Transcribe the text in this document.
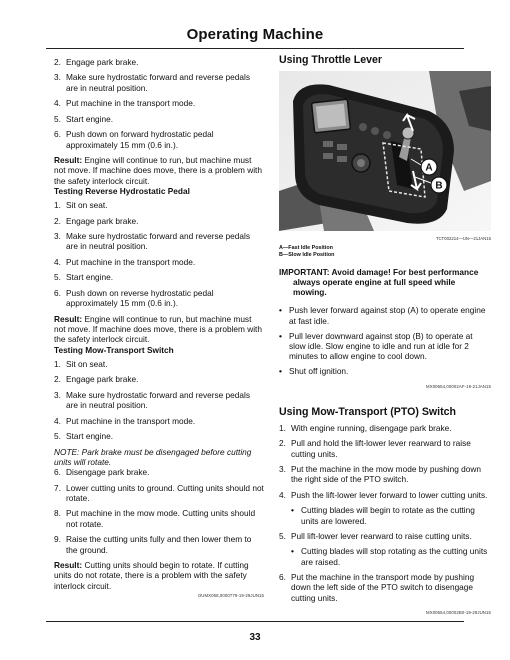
Operating Machine
2. Engage park brake.
3. Make sure hydrostatic forward and reverse pedals are in neutral position.
4. Put machine in the transport mode.
5. Start engine.
6. Push down on forward hydrostatic pedal approximately 15 mm (0.6 in.).

Result: Engine will continue to run, but machine must not move. If machine does move, there is a problem with the safety interlock circuit.

Testing Reverse Hydrostatic Pedal
1. Sit on seat.
2. Engage park brake.
3. Make sure hydrostatic forward and reverse pedals are in neutral position.
4. Put machine in the transport mode.
5. Start engine.
6. Push down on reverse hydrostatic pedal approximately 15 mm (0.6 in.).

Result: Engine will continue to run, but machine must not move. If machine does move, there is a problem with the safety interlock circuit.

Testing Mow-Transport Switch
1. Sit on seat.
2. Engage park brake.
3. Make sure hydrostatic forward and reverse pedals are in neutral position.
4. Put machine in the transport mode.
5. Start engine.

NOTE: Park brake must be disengaged before cutting units will rotate.

6. Disengage park brake.
7. Lower cutting units to ground. Cutting units should not rotate.
8. Put machine in the mow mode. Cutting units should not rotate.
9. Raise the cutting units fully and then lower them to the ground.

Result: Cutting units should begin to rotate. If cutting units do not rotate, there is a problem with the safety interlock circuit.

OUMX068,0000779-19-29JUN15
Using Throttle Lever
A
B
TCT002214—UN—21JAN15
A—Fast Idle Position
B—Slow Idle Position
IMPORTANT: Avoid damage! For best performance
always operate engine at full speed while mowing.
• Push lever forward against stop (A) to operate engine at fast idle.
• Pull lever downward against stop (B) to operate at slow idle. Slow engine to idle and run at idle for 2 minutes to allow engine to cool down.
• Shut off ignition.
MX00654,00002AF-19-21JAN15
Using Mow-Transport (PTO) Switch
1. With engine running, disengage park brake.
2. Pull and hold the lift-lower lever rearward to raise cutting units.
3. Put the machine in the mow mode by pushing down the right side of the PTO switch.
4. Push the lift-lower lever forward to lower cutting units.
• Cutting blades will begin to rotate as the cutting units are lowered.
5. Pull lift-lower lever rearward to raise cutting units.
• Cutting blades will stop rotating as the cutting units are raised.
6. Put the machine in the transport mode by pushing down the left side of the PTO switch to disengage cutting units.
MX00654,00002B0-19-29JUN15
33
